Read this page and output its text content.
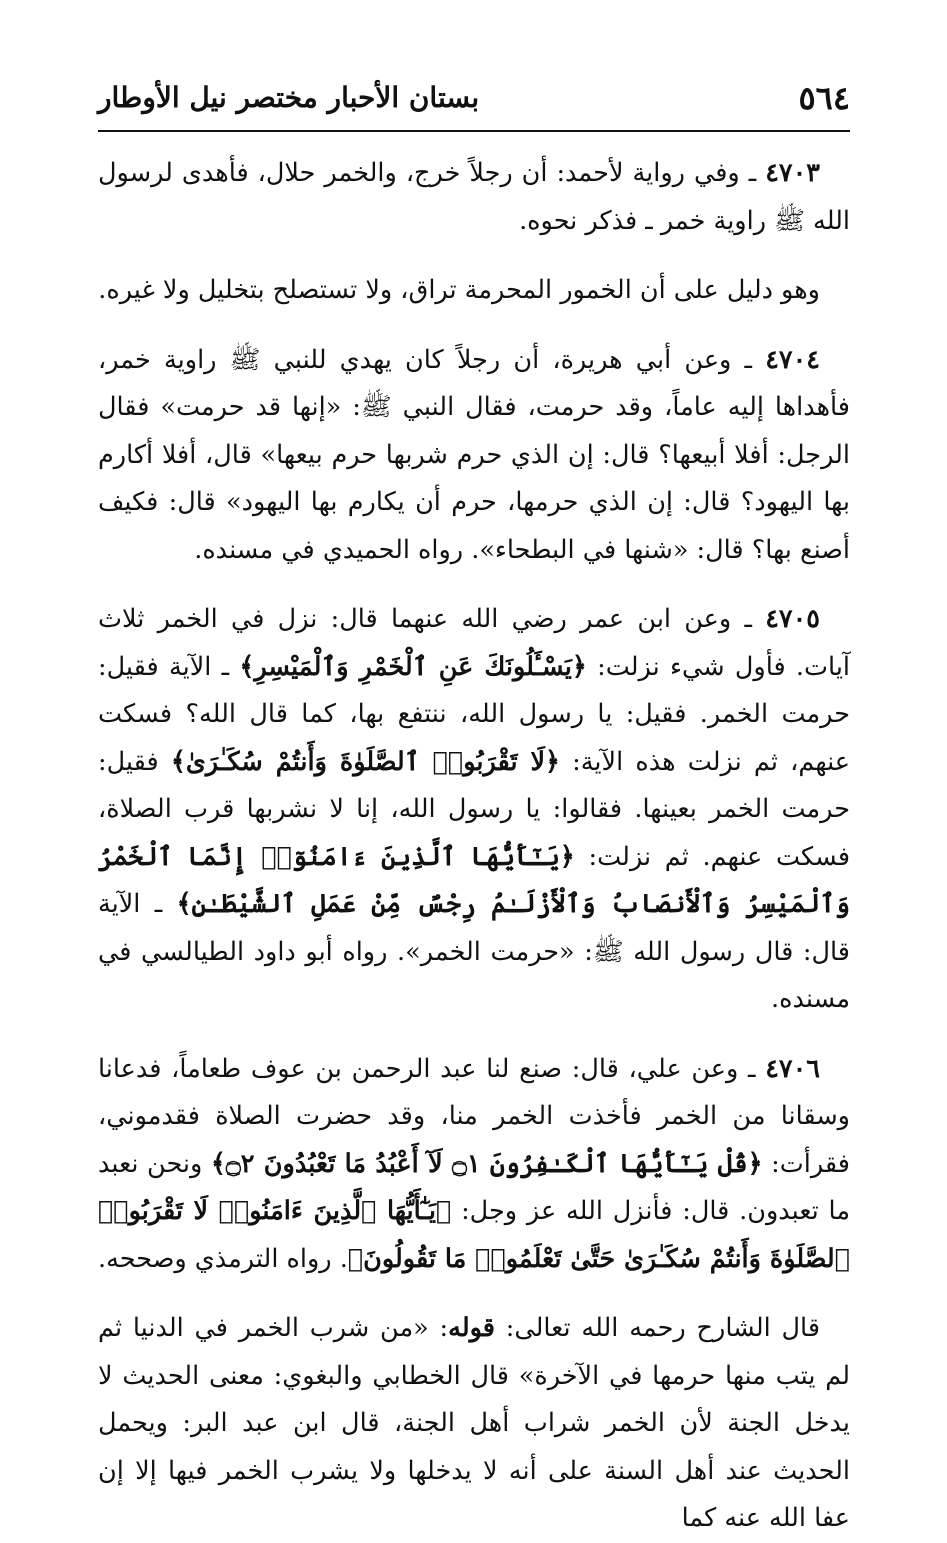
٥٦٤
بستان الأحبار مختصر نيل الأوطار

٤٧٠٣ ـ وفي رواية لأحمد: أن رجلاً خرج، والخمر حلال، فأهدى لرسول الله ﷺ راوية خمر ـ فذكر نحوه.

وهو دليل على أن الخمور المحرمة تراق، ولا تستصلح بتخليل ولا غيره.

٤٧٠٤ ـ وعن أبي هريرة، أن رجلاً كان يهدي للنبي ﷺ راوية خمر، فأهداها إليه عاماً، وقد حرمت، فقال النبي ﷺ: «إنها قد حرمت» فقال الرجل: أفلا أبيعها؟ قال: إن الذي حرم شربها حرم بيعها» قال، أفلا أكارم بها اليهود؟ قال: إن الذي حرمها، حرم أن يكارم بها اليهود» قال: فكيف أصنع بها؟ قال: «شنها في البطحاء». رواه الحميدي في مسنده.

٤٧٠٥ ـ وعن ابن عمر رضي الله عنهما قال: نزل في الخمر ثلاث آيات. فأول شيء نزلت: ﴿يَسْـَٔلُونَكَ عَنِ ٱلْخَمْرِ وَٱلْمَيْسِرِ﴾ ـ الآية فقيل: حرمت الخمر. فقيل: يا رسول الله، ننتفع بها، كما قال الله؟ فسكت عنهم، ثم نزلت هذه الآية: ﴿لَا تَقْرَبُوا۟ ٱلصَّلَوٰةَ وَأَنتُمْ سُكَـٰرَىٰ﴾ فقيل: حرمت الخمر بعينها. فقالوا: يا رسول الله، إنا لا نشربها قرب الصلاة، فسكت عنهم. ثم نزلت: ﴿يَـٰٓأَيُّهَا ٱلَّذِينَ ءَامَنُوٓا۟ إِنَّمَا ٱلْخَمْرُ وَٱلْمَيْسِرُ وَٱلْأَنصَابُ وَٱلْأَزْلَـٰمُ رِجْسٌ مِّنْ عَمَلِ ٱلشَّيْطَـٰنِ﴾ ـ الآية قال: قال رسول الله ﷺ: «حرمت الخمر». رواه أبو داود الطيالسي في مسنده.

٤٧٠٦ ـ وعن علي، قال: صنع لنا عبد الرحمن بن عوف طعاماً، فدعانا وسقانا من الخمر فأخذت الخمر منا، وقد حضرت الصلاة فقدموني، فقرأت: ﴿قُلْ يَـٰٓأَيُّهَا ٱلْكَـٰفِرُونَ ۝١ لَآ أَعْبُدُ مَا تَعْبُدُونَ ۝٢﴾ ونحن نعبد ما تعبدون. قال: فأنزل الله عز وجل: ﴿يَـٰٓأَيُّهَا ٱلَّذِينَ ءَامَنُوا۟ لَا تَقْرَبُوا۟ ٱلصَّلَوٰةَ وَأَنتُمْ سُكَـٰرَىٰ حَتَّىٰ تَعْلَمُوا۟ مَا تَقُولُونَ﴾. رواه الترمذي وصححه.

قال الشارح رحمه الله تعالى: قوله: «من شرب الخمر في الدنيا ثم لم يتب منها حرمها في الآخرة» قال الخطابي والبغوي: معنى الحديث لا يدخل الجنة لأن الخمر شراب أهل الجنة، قال ابن عبد البر: ويحمل الحديث عند أهل السنة على أنه لا يدخلها ولا يشرب الخمر فيها إلا إن عفا الله عنه كما
